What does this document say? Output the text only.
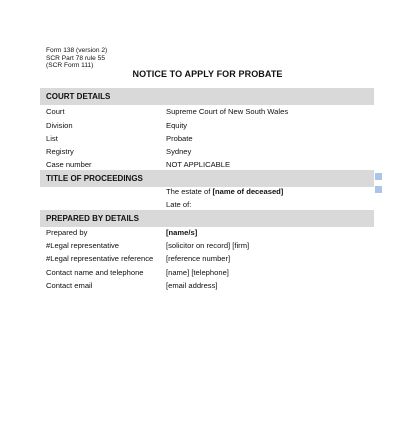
Form 138 (version 2)
SCR Part 78 rule 55
(SCR Form 111)
NOTICE TO APPLY FOR PROBATE
COURT DETAILS
Court	Supreme Court of New South Wales
Division	Equity
List	Probate
Registry	Sydney
Case number	NOT APPLICABLE
TITLE OF PROCEEDINGS
The estate of [name of deceased]
Late of:
PREPARED BY DETAILS
Prepared by	[name/s]
#Legal representative	[solicitor on record] [firm]
#Legal representative reference [reference number]
Contact name and telephone	[name] [telephone]
Contact email	[email address]
